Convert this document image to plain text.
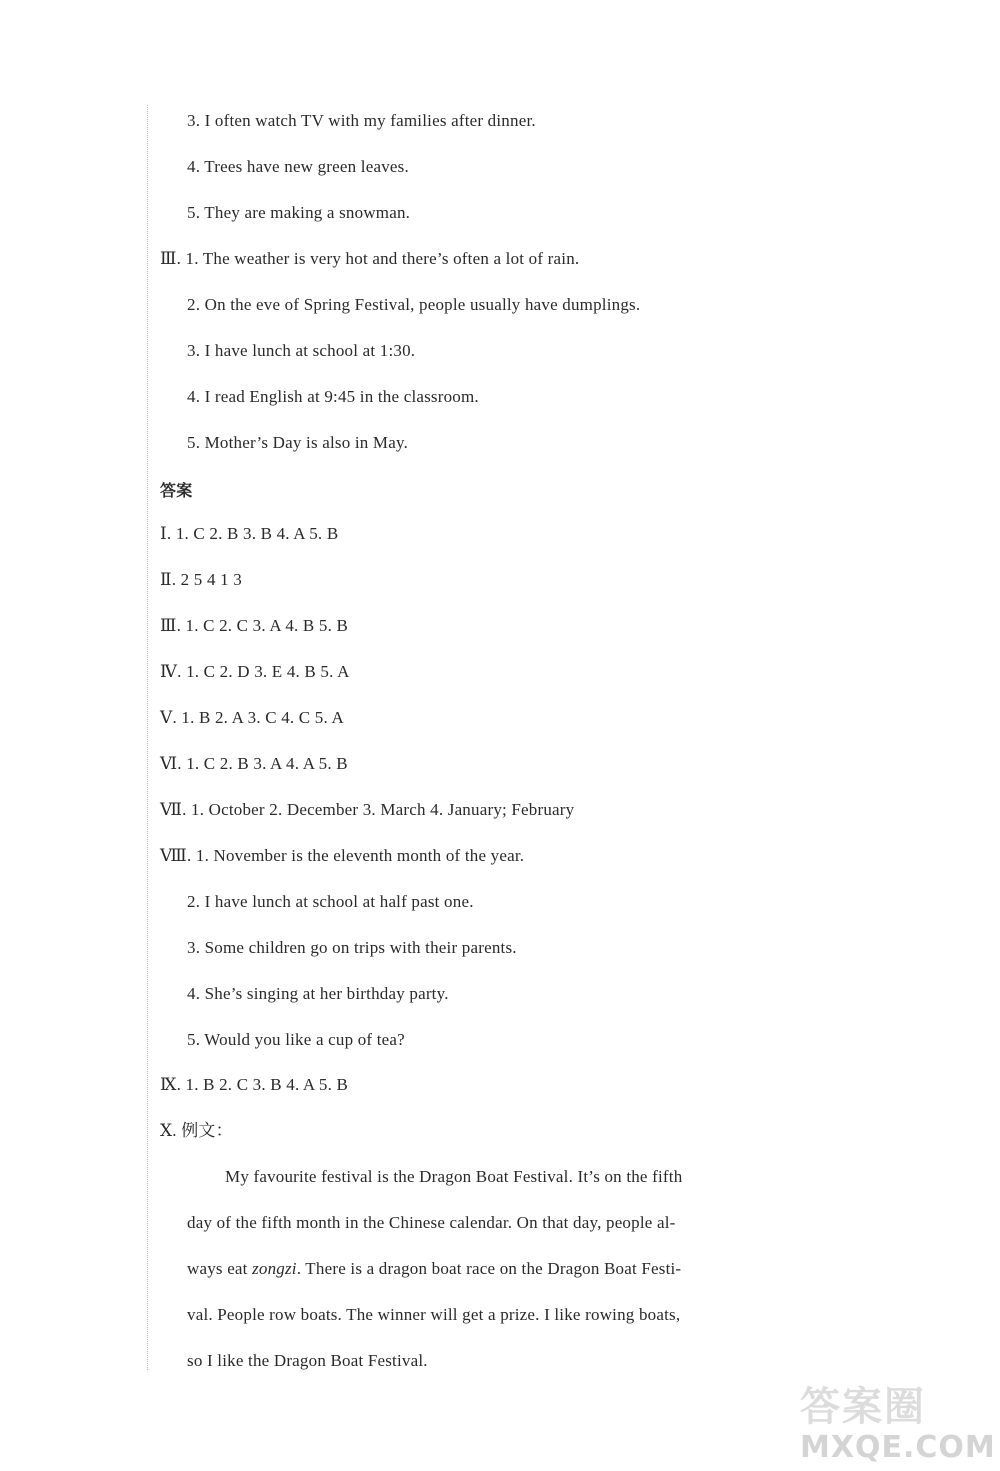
3. I often watch TV with my families after dinner.
4. Trees have new green leaves.
5. They are making a snowman.
Ⅲ. 1. The weather is very hot and there’s often a lot of rain.
2. On the eve of Spring Festival, people usually have dumplings.
3. I have lunch at school at 1:30.
4. I read English at 9:45 in the classroom.
5. Mother’s Day is also in May.
答案
Ⅰ. 1. C 2. B 3. B 4. A 5. B
Ⅱ. 2 5 4 1 3
Ⅲ. 1. C 2. C 3. A 4. B 5. B
Ⅳ. 1. C 2. D 3. E 4. B 5. A
Ⅴ. 1. B 2. A 3. C 4. C 5. A
Ⅵ. 1. C 2. B 3. A 4. A 5. B
Ⅶ. 1. October 2. December 3. March 4. January; February
Ⅷ. 1. November is the eleventh month of the year.
2. I have lunch at school at half past one.
3. Some children go on trips with their parents.
4. She’s singing at her birthday party.
5. Would you like a cup of tea?
Ⅸ. 1. B 2. C 3. B 4. A 5. B
Ⅹ. 例文：
My favourite festival is the Dragon Boat Festival. It’s on the fifth
day of the fifth month in the Chinese calendar. On that day, people al-
ways eat zongzi. There is a dragon boat race on the Dragon Boat Festi-
val. People row boats. The winner will get a prize. I like rowing boats,
so I like the Dragon Boat Festival.
答案圈
MXQE.COM
